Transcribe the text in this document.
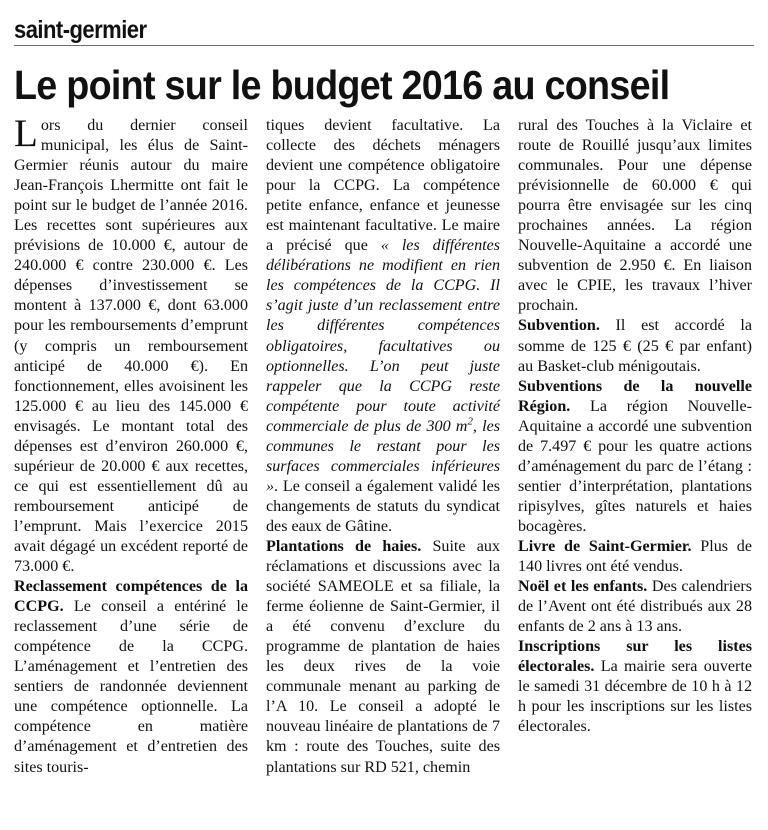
saint-germier
Le point sur le budget 2016 au conseil

Lors du dernier conseil municipal, les élus de Saint-Germier réunis autour du maire Jean-François Lhermitte ont fait le point sur le budget de l’année 2016. Les recettes sont supérieures aux prévisions de 10.000 €, autour de 240.000 € contre 230.000 €. Les dépenses d’investissement se montent à 137.000 €, dont 63.000 pour les remboursements d’emprunt (y compris un remboursement anticipé de 40.000 €). En fonctionnement, elles avoisinent les 125.000 € au lieu des 145.000 € envisagés. Le montant total des dépenses est d’environ 260.000 €, supérieur de 20.000 € aux recettes, ce qui est essentiellement dû au remboursement anticipé de l’emprunt. Mais l’exercice 2015 avait dégagé un excédent reporté de 73.000 €.

Reclassement compétences de la CCPG. Le conseil a entériné le reclassement d’une série de compétence de la CCPG. L’aménagement et l’entretien des sentiers de randonnée deviennent une compétence optionnelle. La compétence en matière d’aménagement et d’entretien des sites touris-

tiques devient facultative. La collecte des déchets ménagers devient une compétence obligatoire pour la CCPG. La compétence petite enfance, enfance et jeunesse est maintenant facultative. Le maire a précisé que « les différentes délibérations ne modifient en rien les compétences de la CCPG. Il s’agit juste d’un reclassement entre les différentes compétences obligatoires, facultatives ou optionnelles. L’on peut juste rappeler que la CCPG reste compétente pour toute activité commerciale de plus de 300 $m^2$, les communes le restant pour les surfaces commerciales inférieures ». Le conseil a également validé les changements de statuts du syndicat des eaux de Gâtine.

Plantations de haies. Suite aux réclamations et discussions avec la société SAMEOLE et sa filiale, la ferme éolienne de Saint-Germier, il a été convenu d’exclure du programme de plantation de haies les deux rives de la voie communale menant au parking de l’A 10. Le conseil a adopté le nouveau linéaire de plantations de 7 km : route des Touches, suite des plantations sur RD 521, chemin

rural des Touches à la Viclaire et route de Rouillé jusqu’aux limites communales. Pour une dépense prévisionnelle de 60.000 € qui pourra être envisagée sur les cinq prochaines années. La région Nouvelle-Aquitaine a accordé une subvention de 2.950 €. En liaison avec le CPIE, les travaux l’hiver prochain.

Subvention. Il est accordé la somme de 125 € (25 € par enfant) au Basket-club ménigoutais.

Subventions de la nouvelle Région. La région Nouvelle-Aquitaine a accordé une subvention de 7.497 € pour les quatre actions d’aménagement du parc de l’étang : sentier d’interprétation, plantations ripisylves, gîtes naturels et haies bocagères.

Livre de Saint-Germier. Plus de 140 livres ont été vendus.

Noël et les enfants. Des calendriers de l’Avent ont été distribués aux 28 enfants de 2 ans à 13 ans.

Inscriptions sur les listes électorales. La mairie sera ouverte le samedi 31 décembre de 10 h à 12 h pour les inscriptions sur les listes électorales.
